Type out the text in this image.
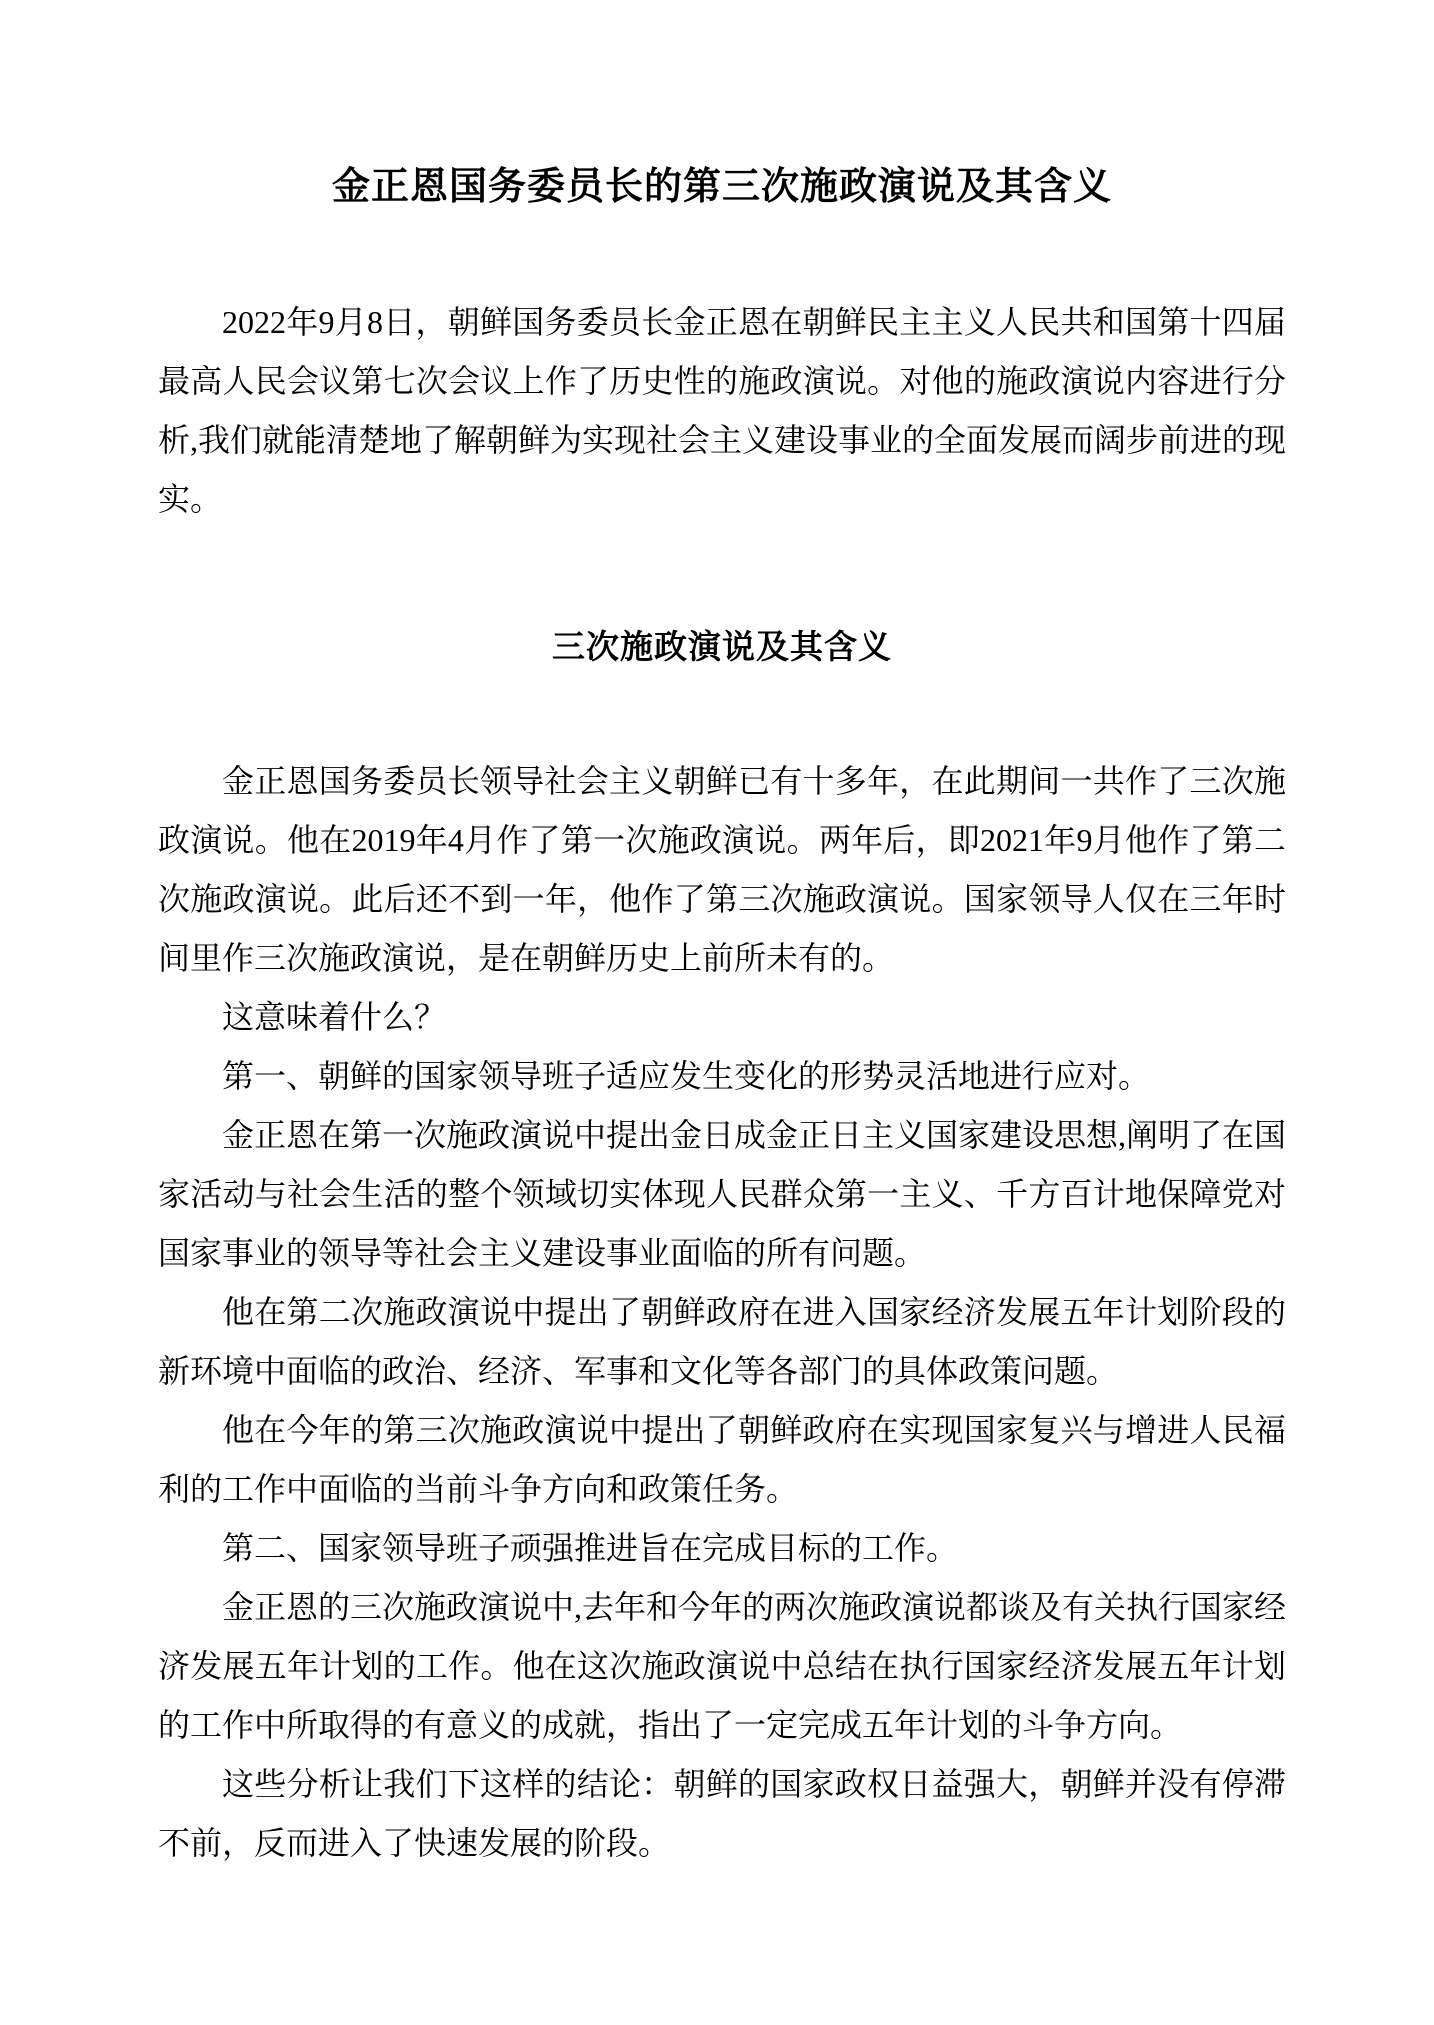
金正恩国务委员长的第三次施政演说及其含义

2022年9月8日，朝鲜国务委员长金正恩在朝鲜民主主义人民共和国第十四届最高人民会议第七次会议上作了历史性的施政演说。对他的施政演说内容进行分析,我们就能清楚地了解朝鲜为实现社会主义建设事业的全面发展而阔步前进的现实。

三次施政演说及其含义

金正恩国务委员长领导社会主义朝鲜已有十多年，在此期间一共作了三次施政演说。他在2019年4月作了第一次施政演说。两年后，即2021年9月他作了第二次施政演说。此后还不到一年，他作了第三次施政演说。国家领导人仅在三年时间里作三次施政演说，是在朝鲜历史上前所未有的。

这意味着什么？

第一、朝鲜的国家领导班子适应发生变化的形势灵活地进行应对。

金正恩在第一次施政演说中提出金日成金正日主义国家建设思想,阐明了在国家活动与社会生活的整个领域切实体现人民群众第一主义、千方百计地保障党对国家事业的领导等社会主义建设事业面临的所有问题。

他在第二次施政演说中提出了朝鲜政府在进入国家经济发展五年计划阶段的新环境中面临的政治、经济、军事和文化等各部门的具体政策问题。

他在今年的第三次施政演说中提出了朝鲜政府在实现国家复兴与增进人民福利的工作中面临的当前斗争方向和政策任务。

第二、国家领导班子顽强推进旨在完成目标的工作。

金正恩的三次施政演说中,去年和今年的两次施政演说都谈及有关执行国家经济发展五年计划的工作。他在这次施政演说中总结在执行国家经济发展五年计划的工作中所取得的有意义的成就，指出了一定完成五年计划的斗争方向。

这些分析让我们下这样的结论：朝鲜的国家政权日益强大，朝鲜并没有停滞不前，反而进入了快速发展的阶段。
